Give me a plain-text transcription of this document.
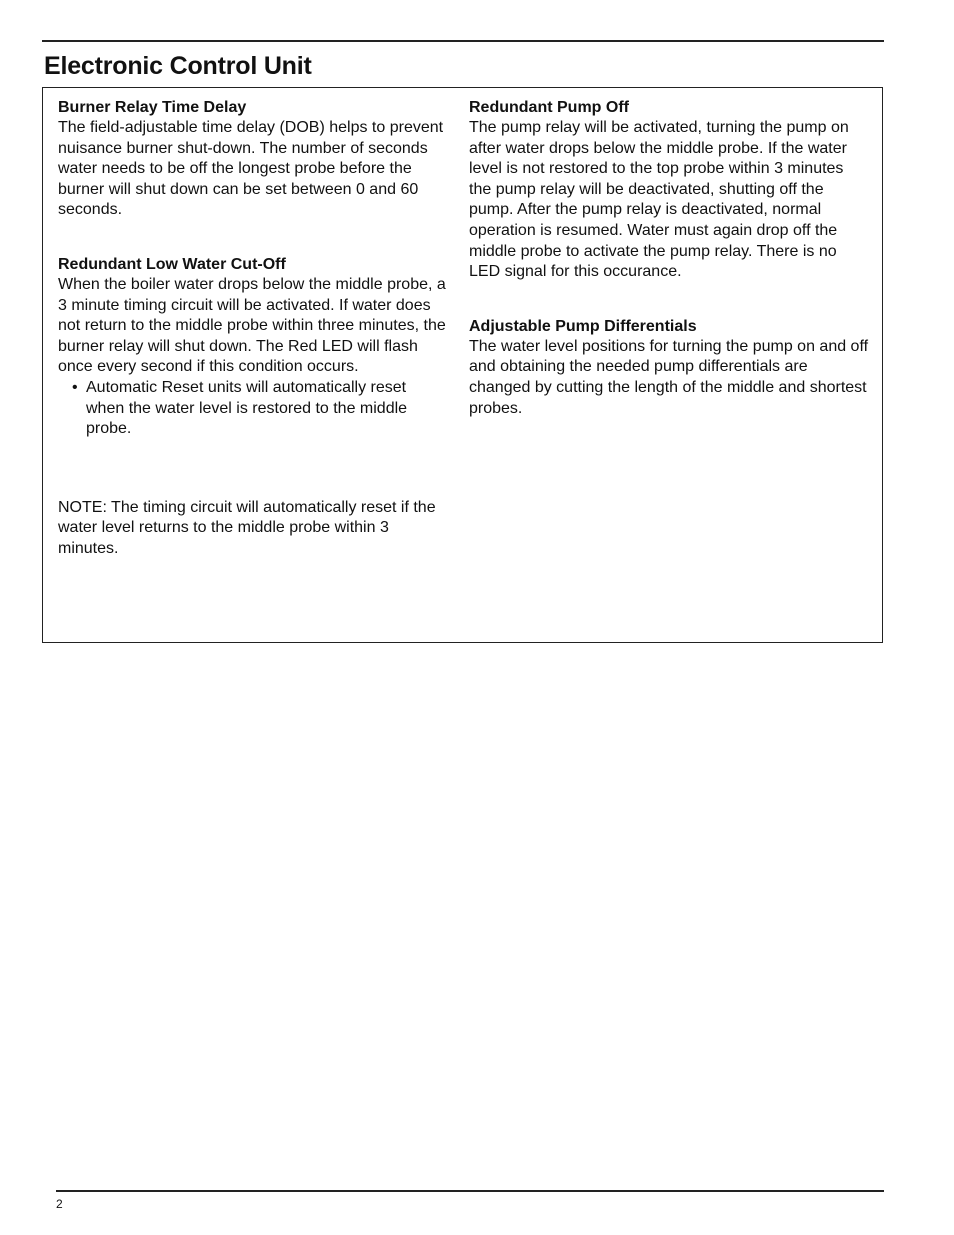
Electronic Control Unit

Burner Relay Time Delay

The field-adjustable time delay (DOB) helps to prevent nuisance burner shut-down. The number of seconds water needs to be off the longest probe before the burner will shut down can be set between 0 and 60 seconds.

Redundant Low Water Cut-Off

When the boiler water drops below the middle probe, a 3 minute timing circuit will be activated. If water does not return to the middle probe within three minutes, the burner relay will shut down. The Red LED will flash once every second if this condition occurs.

• Automatic Reset units will automatically reset when the water level is restored to the middle probe.

NOTE: The timing circuit will automatically reset if the water level returns to the middle probe within 3 minutes.

Redundant Pump Off

The pump relay will be activated, turning the pump on after water drops below the middle probe. If the water level is not restored to the top probe within 3 minutes the pump relay will be deactivated, shutting off the pump. After the pump relay is deactivated, normal operation is resumed. Water must again drop off the middle probe to activate the pump relay. There is no LED signal for this occurance.

Adjustable Pump Differentials

The water level positions for turning the pump on and off and obtaining the needed pump differentials are changed by cutting the length of the middle and shortest probes.

2
